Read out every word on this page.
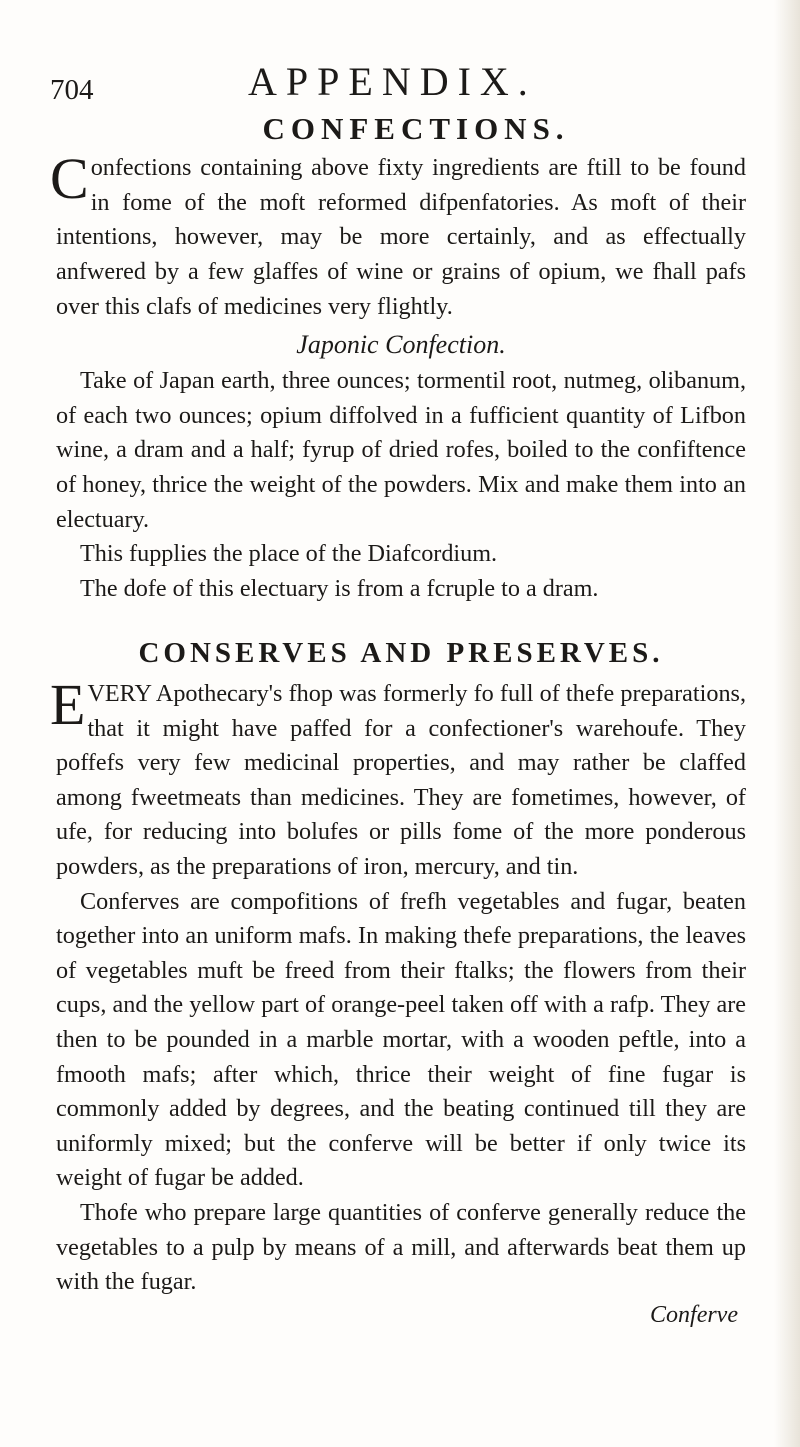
704	APPENDIX.
CONFECTIONS.

Confections containing above fixty ingredients are ftill to be found in fome of the moft reformed difpenfatories. As moft of their intentions, however, may be more certainly, and as effectually anfwered by a few glaffes of wine or grains of opium, we fhall pafs over this clafs of medicines very flightly.

Japonic Confection.

Take of Japan earth, three ounces; tormentil root, nutmeg, olibanum, of each two ounces; opium diffolved in a fufficient quantity of Lifbon wine, a dram and a half; fyrup of dried rofes, boiled to the confiftence of honey, thrice the weight of the powders. Mix and make them into an electuary.

This fupplies the place of the Diafcordium.

The dofe of this electuary is from a fcruple to a dram.

CONSERVES AND PRESERVES.

EVERY Apothecary's fhop was formerly fo full of thefe preparations, that it might have paffed for a confectioner's warehoufe. They poffefs very few medicinal properties, and may rather be claffed among fweetmeats than medicines. They are fometimes, however, of ufe, for reducing into bolufes or pills fome of the more ponderous powders, as the preparations of iron, mercury, and tin.

Conferves are compofitions of frefh vegetables and fugar, beaten together into an uniform mafs. In making thefe preparations, the leaves of vegetables muft be freed from their ftalks; the flowers from their cups, and the yellow part of orange-peel taken off with a rafp. They are then to be pounded in a marble mortar, with a wooden peftle, into a fmooth mafs; after which, thrice their weight of fine fugar is commonly added by degrees, and the beating continued till they are uniformly mixed; but the conferve will be better if only twice its weight of fugar be added.

Thofe who prepare large quantities of conferve generally reduce the vegetables to a pulp by means of a mill, and afterwards beat them up with the fugar.

Conferve
